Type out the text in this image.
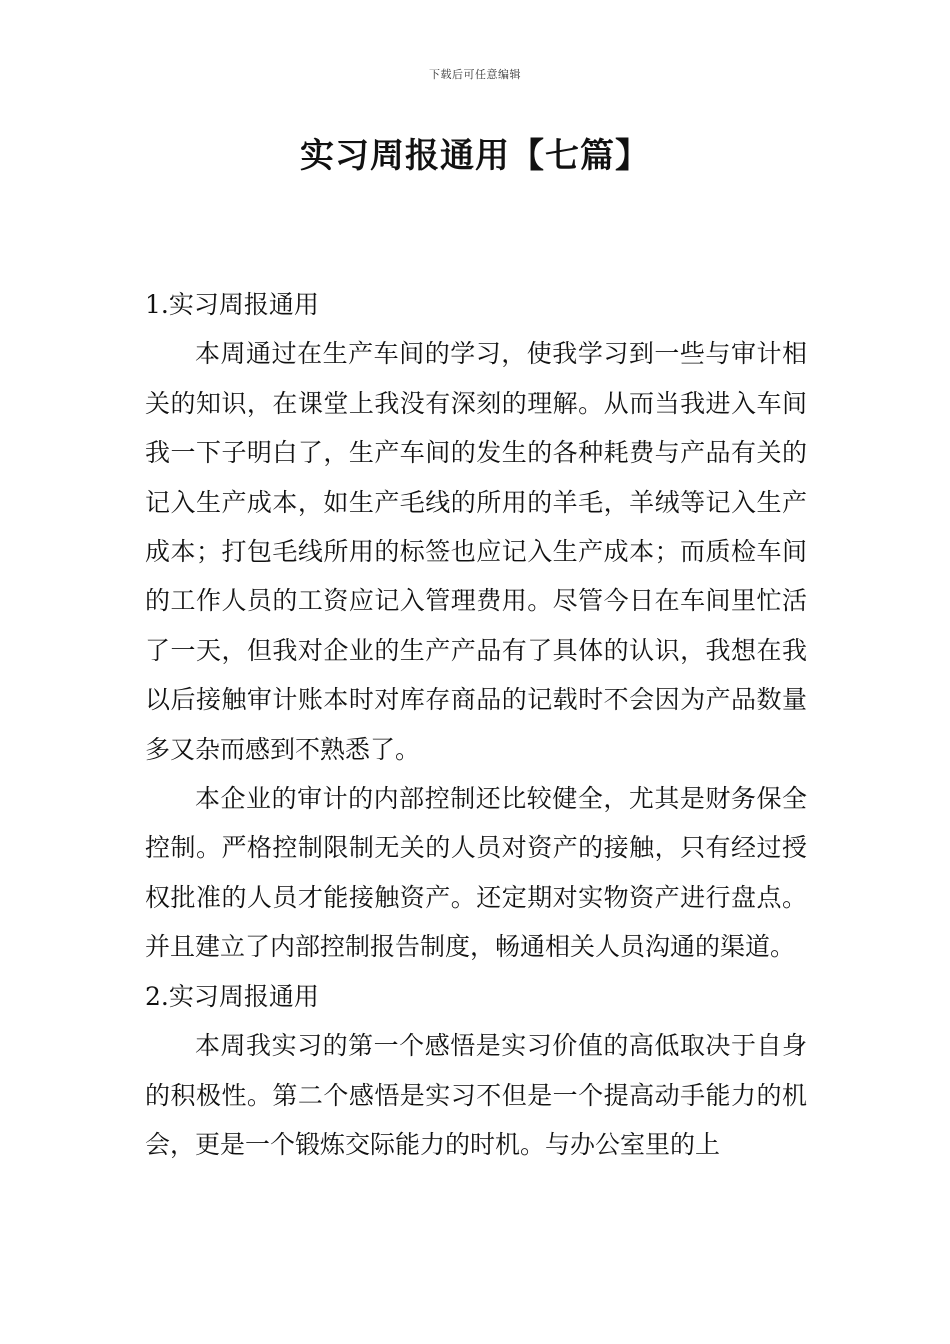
下载后可任意编辑
实习周报通用【七篇】

1.实习周报通用

本周通过在生产车间的学习，使我学习到一些与审计相关的知识，在课堂上我没有深刻的理解。从而当我进入车间我一下子明白了，生产车间的发生的各种耗费与产品有关的记入生产成本，如生产毛线的所用的羊毛，羊绒等记入生产成本；打包毛线所用的标签也应记入生产成本；而质检车间的工作人员的工资应记入管理费用。尽管今日在车间里忙活了一天，但我对企业的生产产品有了具体的认识，我想在我以后接触审计账本时对库存商品的记载时不会因为产品数量多又杂而感到不熟悉了。

本企业的审计的内部控制还比较健全，尤其是财务保全控制。严格控制限制无关的人员对资产的接触，只有经过授权批准的人员才能接触资产。还定期对实物资产进行盘点。并且建立了内部控制报告制度，畅通相关人员沟通的渠道。

2.实习周报通用

本周我实习的第一个感悟是实习价值的高低取决于自身的积极性。第二个感悟是实习不但是一个提高动手能力的机会，更是一个锻炼交际能力的时机。与办公室里的上
